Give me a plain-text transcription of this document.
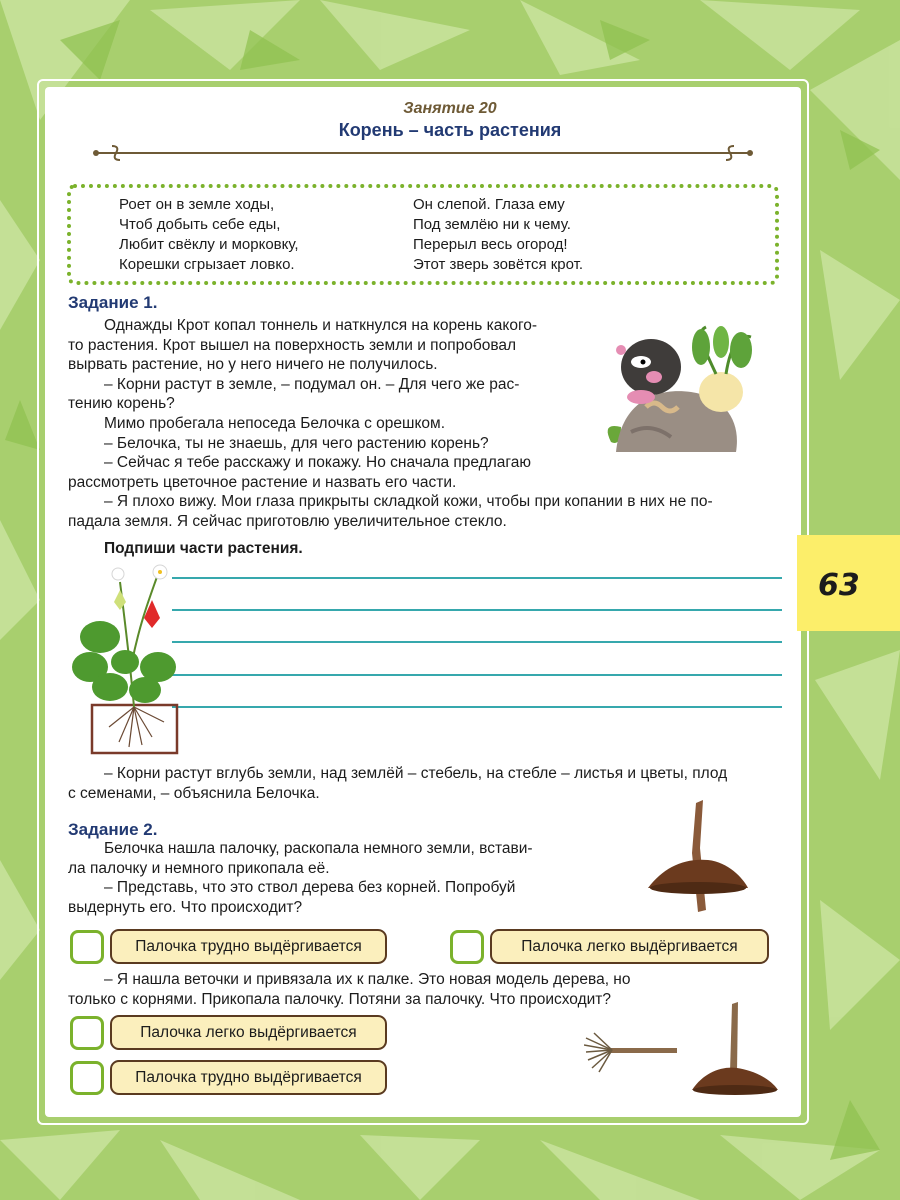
63
Занятие 20
Корень – часть растения
Роет он в земле ходы,
Чтоб добыть себе еды,
Любит свёклу и морковку,
Корешки сгрызает ловко.
Он слепой. Глаза ему
Под землёю ни к чему.
Перерыл весь огород!
Этот зверь зовётся крот.
Задание 1.
Однажды Крот копал тоннель и наткнулся на корень какого-
то растения. Крот вышел на поверхность земли и попробовал
вырвать растение, но у него ничего не получилось.
– Корни растут в земле, – подумал он. – Для чего же рас-
тению корень?
Мимо пробегала непоседа Белочка с орешком.
– Белочка, ты не знаешь, для чего растению корень?
– Сейчас я тебе расскажу и покажу. Но сначала предлагаю
рассмотреть цветочное растение и назвать его части.
– Я плохо вижу. Мои глаза прикрыты складкой кожи, чтобы при копании в них не по-
падала земля. Я сейчас приготовлю увеличительное стекло.
Подпиши части растения.
– Корни растут вглубь земли, над землёй – стебель, на стебле – листья и цветы, плод
с семенами, – объяснила Белочка.
Задание 2.
Белочка нашла палочку, раскопала немного земли, встави-
ла палочку и немного прикопала её.
– Представь, что это ствол дерева без корней. Попробуй
выдернуть его. Что происходит?
Палочка трудно выдёргивается	Палочка легко выдёргивается
– Я нашла веточки и привязала их к палке. Это новая модель дерева, но
только с корнями. Прикопала палочку. Потяни за палочку. Что происходит?
Палочка легко выдёргивается
Палочка трудно выдёргивается
